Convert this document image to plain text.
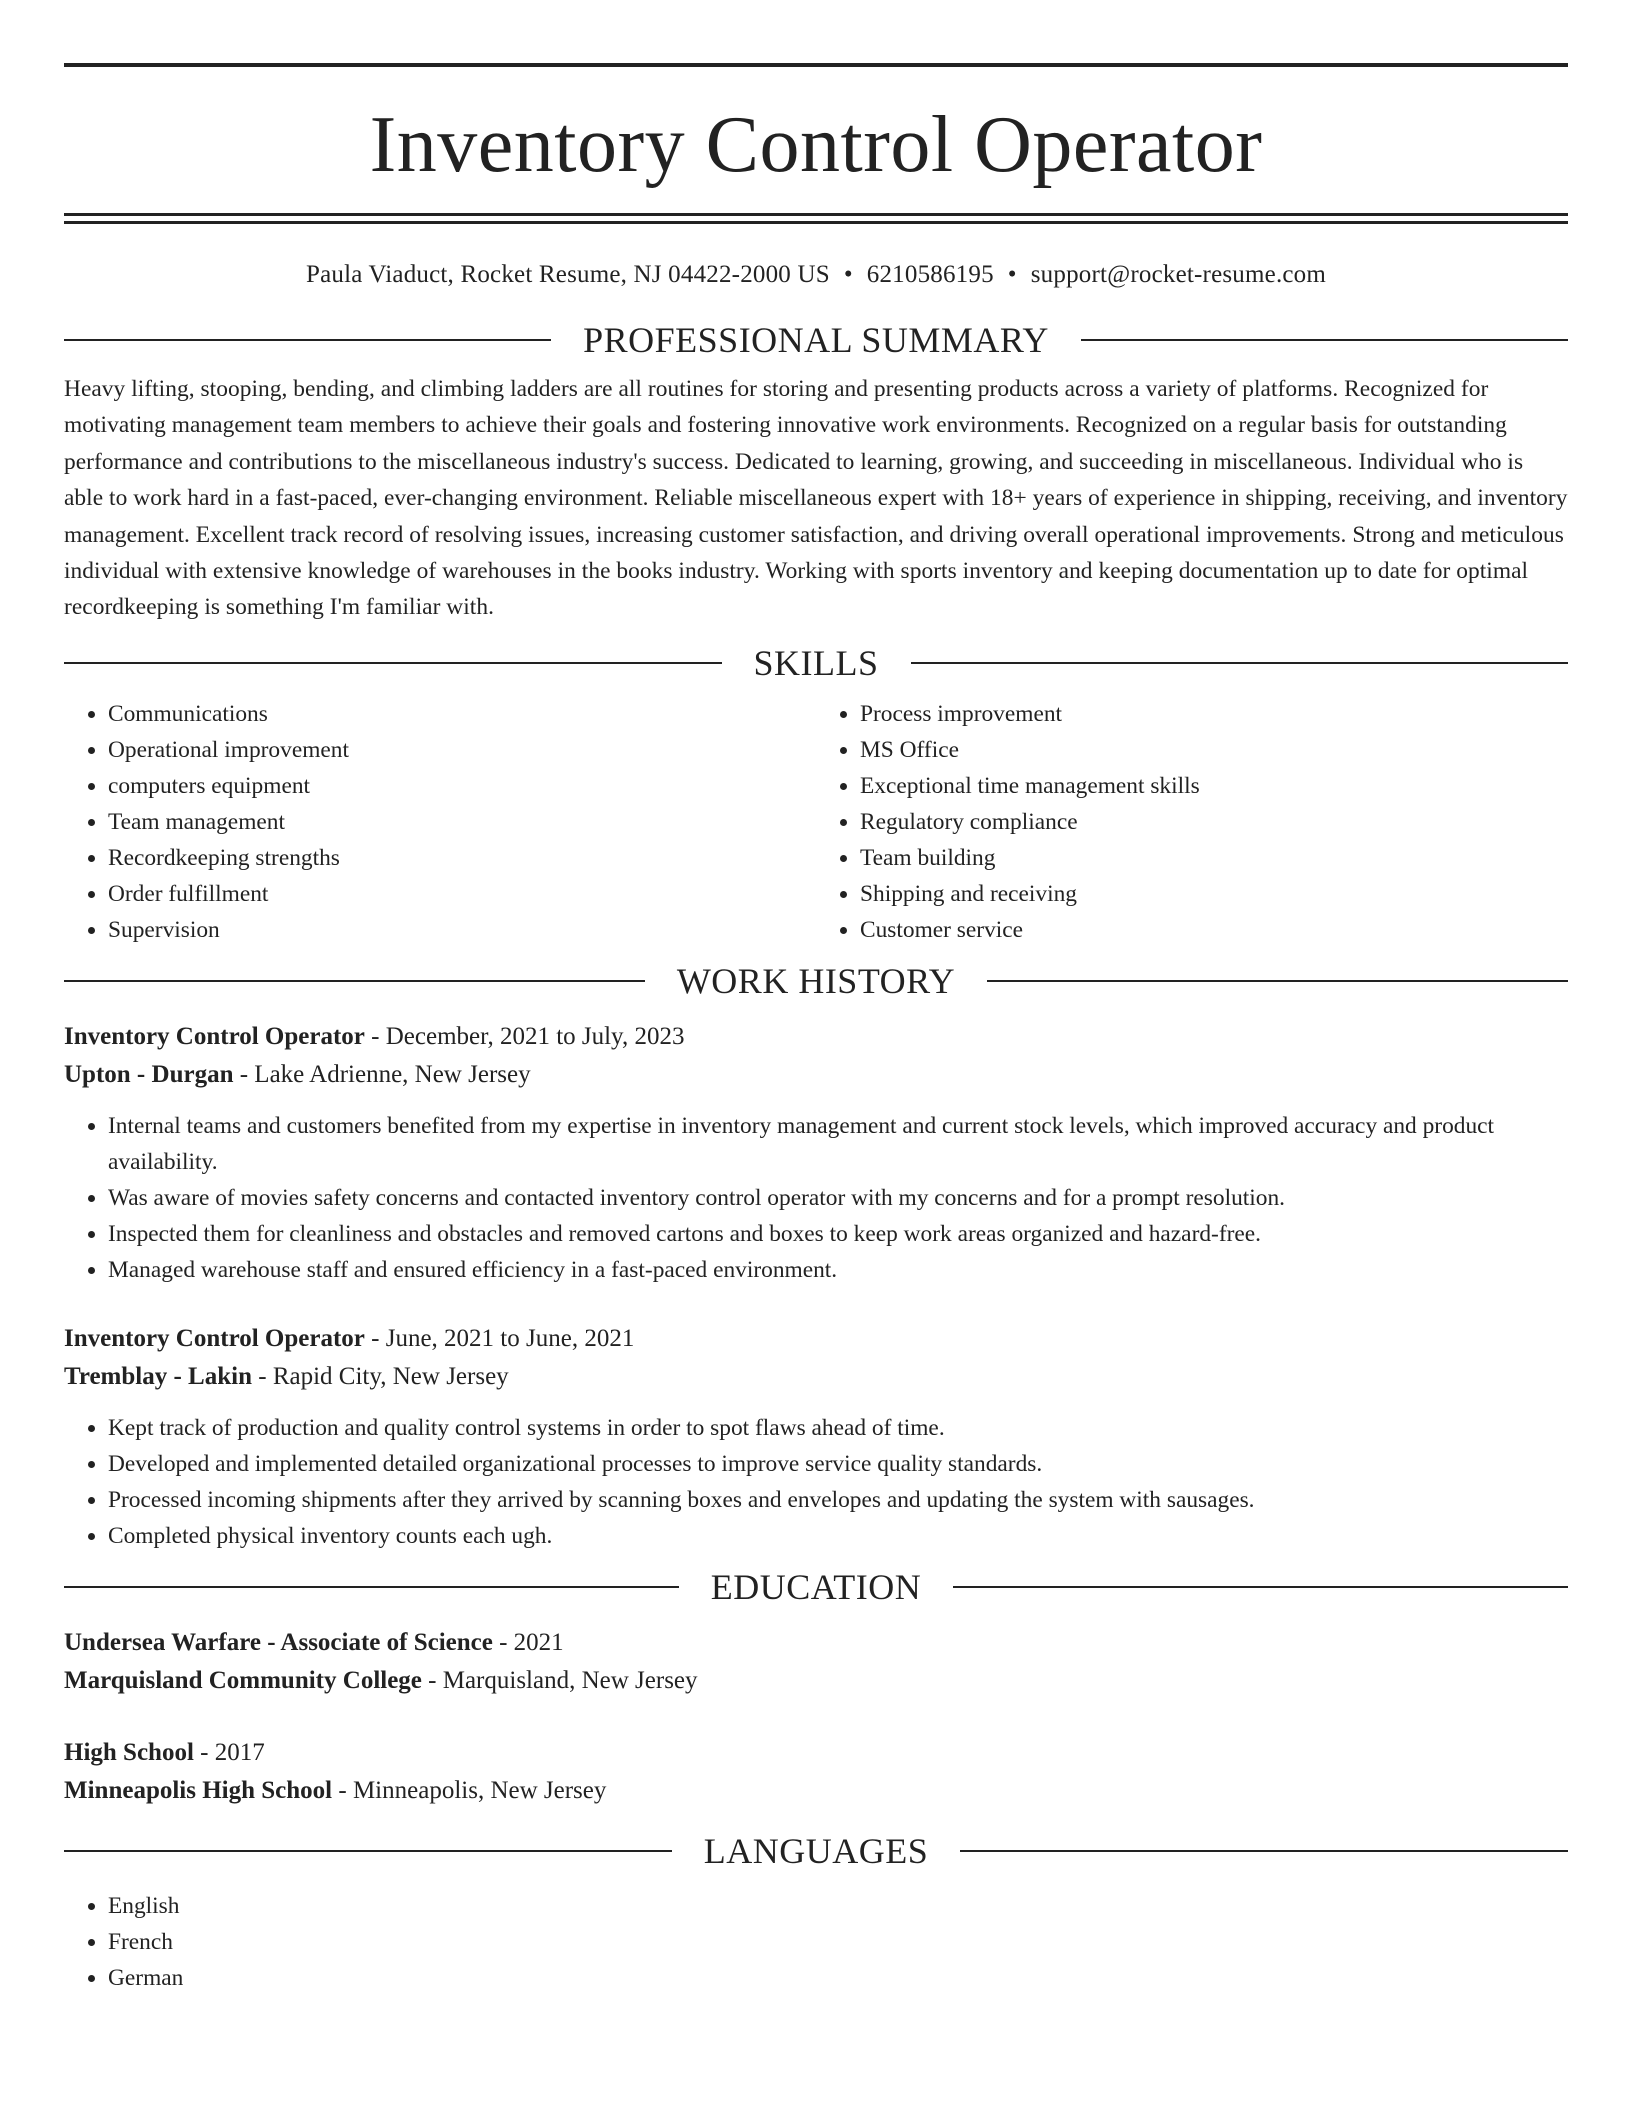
Inventory Control Operator
Paula Viaduct, Rocket Resume, NJ 04422-2000 US • 6210586195 • support@rocket-resume.com
PROFESSIONAL SUMMARY

Heavy lifting, stooping, bending, and climbing ladders are all routines for storing and presenting products across a variety of platforms. Recognized for motivating management team members to achieve their goals and fostering innovative work environments. Recognized on a regular basis for outstanding performance and contributions to the miscellaneous industry's success. Dedicated to learning, growing, and succeeding in miscellaneous. Individual who is able to work hard in a fast-paced, ever-changing environment. Reliable miscellaneous expert with 18+ years of experience in shipping, receiving, and inventory management. Excellent track record of resolving issues, increasing customer satisfaction, and driving overall operational improvements. Strong and meticulous individual with extensive knowledge of warehouses in the books industry. Working with sports inventory and keeping documentation up to date for optimal recordkeeping is something I'm familiar with.

SKILLS
• Communications
• Operational improvement
• computers equipment
• Team management
• Recordkeeping strengths
• Order fulfillment
• Supervision
• Process improvement
• MS Office
• Exceptional time management skills
• Regulatory compliance
• Team building
• Shipping and receiving
• Customer service
WORK HISTORY
Inventory Control Operator - December, 2021 to July, 2023
Upton - Durgan - Lake Adrienne, New Jersey
• Internal teams and customers benefited from my expertise in inventory management and current stock levels, which improved accuracy and product availability.
• Was aware of movies safety concerns and contacted inventory control operator with my concerns and for a prompt resolution.
• Inspected them for cleanliness and obstacles and removed cartons and boxes to keep work areas organized and hazard-free.
• Managed warehouse staff and ensured efficiency in a fast-paced environment.
Inventory Control Operator - June, 2021 to June, 2021
Tremblay - Lakin - Rapid City, New Jersey
• Kept track of production and quality control systems in order to spot flaws ahead of time.
• Developed and implemented detailed organizational processes to improve service quality standards.
• Processed incoming shipments after they arrived by scanning boxes and envelopes and updating the system with sausages.
• Completed physical inventory counts each ugh.
EDUCATION
Undersea Warfare - Associate of Science - 2021
Marquisland Community College - Marquisland, New Jersey
High School - 2017
Minneapolis High School - Minneapolis, New Jersey
LANGUAGES
• English
• French
• German
